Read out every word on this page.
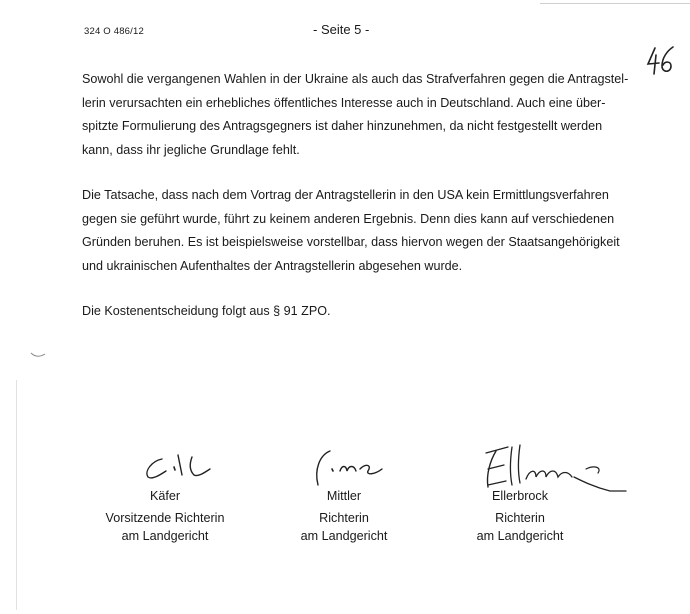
324 O 486/12	- Seite 5 -

Sowohl die vergangenen Wahlen in der Ukraine als auch das Strafverfahren gegen die Antragstel-
lerin verursachten ein erhebliches öffentliches Interesse auch in Deutschland. Auch eine über-
spitzte Formulierung des Antragsgegners ist daher hinzunehmen, da nicht festgestellt werden
kann, dass ihr jegliche Grundlage fehlt.

Die Tatsache, dass nach dem Vortrag der Antragstellerin in den USA kein Ermittlungsverfahren
gegen sie geführt wurde, führt zu keinem anderen Ergebnis. Denn dies kann auf verschiedenen
Gründen beruhen. Es ist beispielsweise vorstellbar, dass hiervon wegen der Staatsangehörigkeit
und ukrainischen Aufenthaltes der Antragstellerin abgesehen wurde.

Die Kostenentscheidung folgt aus § 91 ZPO.

Käfer
Vorsitzende Richterin
am Landgericht
Mittler
Richterin
am Landgericht
Ellerbrock
Richterin
am Landgericht
